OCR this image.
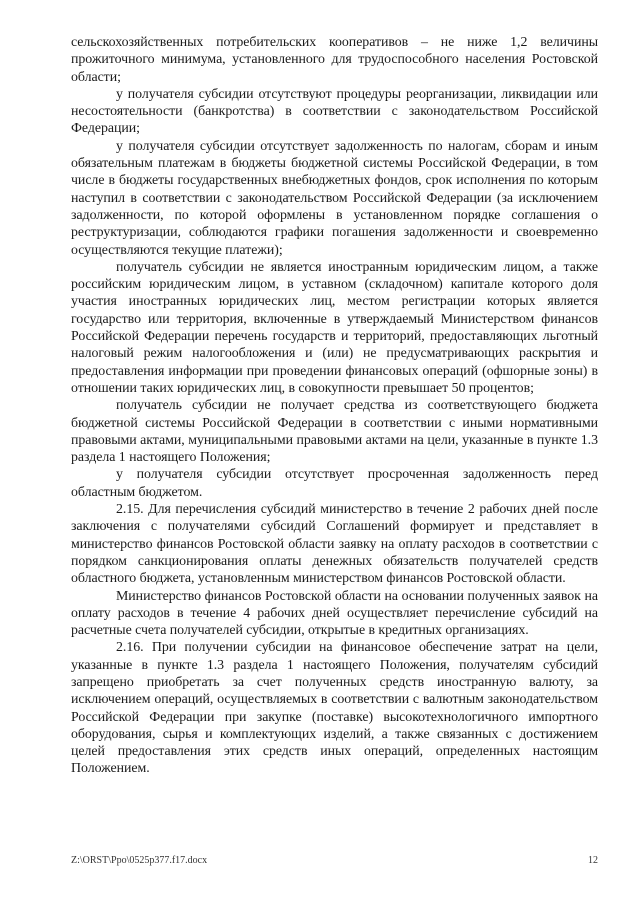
сельскохозяйственных потребительских кооперативов – не ниже 1,2 величины прожиточного минимума, установленного для трудоспособного населения Ростовской области;

у получателя субсидии отсутствуют процедуры реорганизации, ликвидации или несостоятельности (банкротства) в соответствии с законодательством Российской Федерации;

у получателя субсидии отсутствует задолженность по налогам, сборам и иным обязательным платежам в бюджеты бюджетной системы Российской Федерации, в том числе в бюджеты государственных внебюджетных фондов, срок исполнения по которым наступил в соответствии с законодательством Российской Федерации (за исключением задолженности, по которой оформлены в установленном порядке соглашения о реструктуризации, соблюдаются графики погашения задолженности и своевременно осуществляются текущие платежи);

получатель субсидии не является иностранным юридическим лицом, а также российским юридическим лицом, в уставном (складочном) капитале которого доля участия иностранных юридических лиц, местом регистрации которых является государство или территория, включенные в утверждаемый Министерством финансов Российской Федерации перечень государств и территорий, предоставляющих льготный налоговый режим налогообложения и (или) не предусматривающих раскрытия и предоставления информации при проведении финансовых операций (офшорные зоны) в отношении таких юридических лиц, в совокупности превышает 50 процентов;

получатель субсидии не получает средства из соответствующего бюджета бюджетной системы Российской Федерации в соответствии с иными нормативными правовыми актами, муниципальными правовыми актами на цели, указанные в пункте 1.3 раздела 1 настоящего Положения;

у получателя субсидии отсутствует просроченная задолженность перед областным бюджетом.

2.15. Для перечисления субсидий министерство в течение 2 рабочих дней после заключения с получателями субсидий Соглашений формирует и представляет в министерство финансов Ростовской области заявку на оплату расходов в соответствии с порядком санкционирования оплаты денежных обязательств получателей средств областного бюджета, установленным министерством финансов Ростовской области.

Министерство финансов Ростовской области на основании полученных заявок на оплату расходов в течение 4 рабочих дней осуществляет перечисление субсидий на расчетные счета получателей субсидии, открытые в кредитных организациях.

2.16. При получении субсидии на финансовое обеспечение затрат на цели, указанные в пункте 1.3 раздела 1 настоящего Положения, получателям субсидий запрещено приобретать за счет полученных средств иностранную валюту, за исключением операций, осуществляемых в соответствии с валютным законодательством Российской Федерации при закупке (поставке) высокотехнологичного импортного оборудования, сырья и комплектующих изделий, а также связанных с достижением целей предоставления этих средств иных операций, определенных настоящим Положением.

Z:\ORST\Ppo\0525p377.f17.docx	12
